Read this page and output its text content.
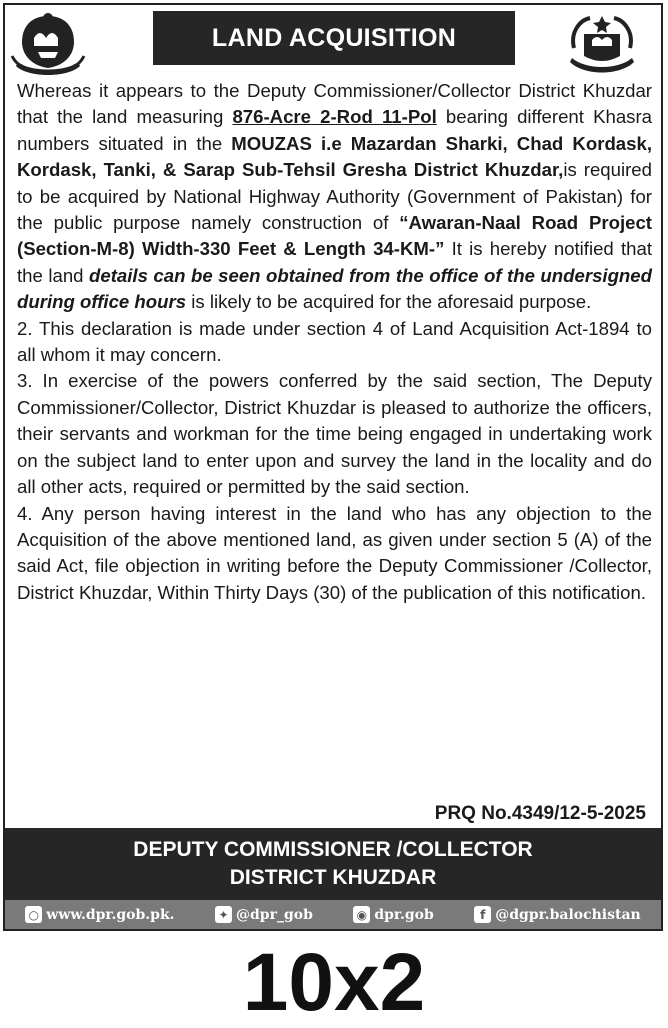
LAND ACQUISITION

Whereas it appears to the Deputy Commissioner/Collector District Khuzdar that the land measuring 876-Acre 2-Rod 11-Pol bearing different Khasra numbers situated in the MOUZAS i.e Mazardan Sharki, Chad Kordask, Kordask, Tanki, & Sarap Sub-Tehsil Gresha District Khuzdar,is required to be acquired by National Highway Authority (Government of Pakistan) for the public purpose namely construction of “Awaran-Naal Road Project (Section-M-8) Width-330 Feet & Length 34-KM-” It is hereby notified that the land details can be seen obtained from the office of the undersigned during office hours is likely to be acquired for the aforesaid purpose.

2. This declaration is made under section 4 of Land Acquisition Act-1894 to all whom it may concern.

3. In exercise of the powers conferred by the said section, The Deputy Commissioner/Collector, District Khuzdar is pleased to authorize the officers, their servants and workman for the time being engaged in undertaking work on the subject land to enter upon and survey the land in the locality and do all other acts, required or permitted by the said section.

4. Any person having interest in the land who has any objection to the Acquisition of the above mentioned land, as given under section 5 (A) of the said Act, file objection in writing before the Deputy Commissioner /Collector, District Khuzdar, Within Thirty Days (30) of the publication of this notification.

PRQ No.4349/12-5-2025
DEPUTY COMMISSIONER /COLLECTOR
DISTRICT KHUZDAR
○ www.dpr.gob.pk.	✦ @dpr_gob	◉ dpr.gob	f @dgpr.balochistan
10x2
